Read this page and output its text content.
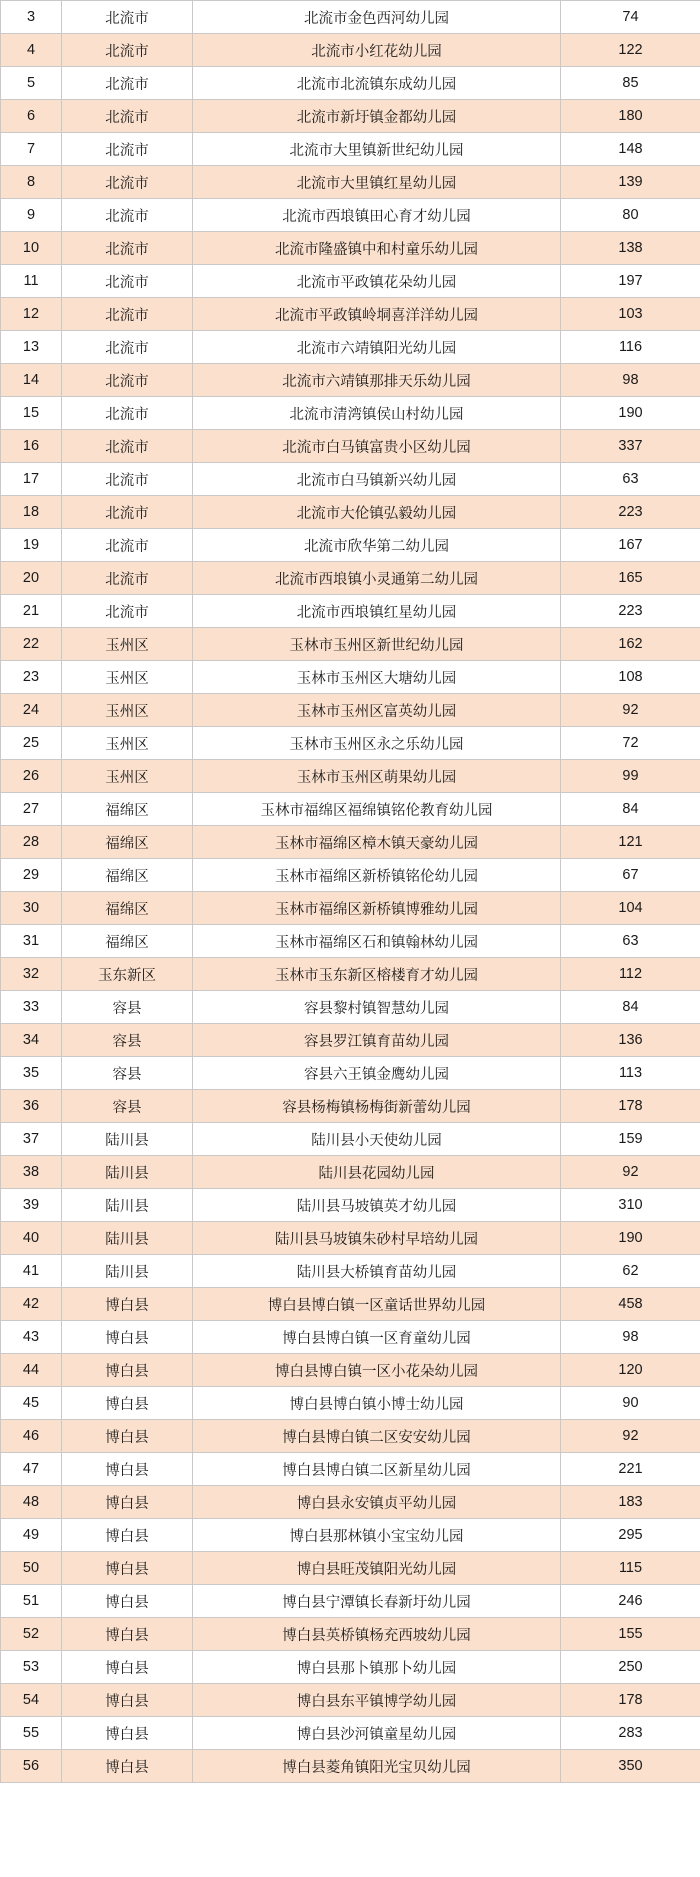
3	北流市	北流市金色西河幼儿园	74
4	北流市	北流市小红花幼儿园	122
5	北流市	北流市北流镇东成幼儿园	85
6	北流市	北流市新圩镇金都幼儿园	180
7	北流市	北流市大里镇新世纪幼儿园	148
8	北流市	北流市大里镇红星幼儿园	139
9	北流市	北流市西埌镇田心育才幼儿园	80
10	北流市	北流市隆盛镇中和村童乐幼儿园	138
11	北流市	北流市平政镇花朵幼儿园	197
12	北流市	北流市平政镇岭垌喜洋洋幼儿园	103
13	北流市	北流市六靖镇阳光幼儿园	116
14	北流市	北流市六靖镇那排天乐幼儿园	98
15	北流市	北流市清湾镇侯山村幼儿园	190
16	北流市	北流市白马镇富贵小区幼儿园	337
17	北流市	北流市白马镇新兴幼儿园	63
18	北流市	北流市大伦镇弘毅幼儿园	223
19	北流市	北流市欣华第二幼儿园	167
20	北流市	北流市西埌镇小灵通第二幼儿园	165
21	北流市	北流市西埌镇红星幼儿园	223
22	玉州区	玉林市玉州区新世纪幼儿园	162
23	玉州区	玉林市玉州区大塘幼儿园	108
24	玉州区	玉林市玉州区富英幼儿园	92
25	玉州区	玉林市玉州区永之乐幼儿园	72
26	玉州区	玉林市玉州区萌果幼儿园	99
27	福绵区	玉林市福绵区福绵镇铭伦教育幼儿园	84
28	福绵区	玉林市福绵区樟木镇天豪幼儿园	121
29	福绵区	玉林市福绵区新桥镇铭伦幼儿园	67
30	福绵区	玉林市福绵区新桥镇博雅幼儿园	104
31	福绵区	玉林市福绵区石和镇翰林幼儿园	63
32	玉东新区	玉林市玉东新区榕楼育才幼儿园	112
33	容县	容县黎村镇智慧幼儿园	84
34	容县	容县罗江镇育苗幼儿园	136
35	容县	容县六王镇金鹰幼儿园	113
36	容县	容县杨梅镇杨梅街新蕾幼儿园	178
37	陆川县	陆川县小天使幼儿园	159
38	陆川县	陆川县花园幼儿园	92
39	陆川县	陆川县马坡镇英才幼儿园	310
40	陆川县	陆川县马坡镇朱砂村早培幼儿园	190
41	陆川县	陆川县大桥镇育苗幼儿园	62
42	博白县	博白县博白镇一区童话世界幼儿园	458
43	博白县	博白县博白镇一区育童幼儿园	98
44	博白县	博白县博白镇一区小花朵幼儿园	120
45	博白县	博白县博白镇小博士幼儿园	90
46	博白县	博白县博白镇二区安安幼儿园	92
47	博白县	博白县博白镇二区新星幼儿园	221
48	博白县	博白县永安镇贞平幼儿园	183
49	博白县	博白县那林镇小宝宝幼儿园	295
50	博白县	博白县旺茂镇阳光幼儿园	115
51	博白县	博白县宁潭镇长春新圩幼儿园	246
52	博白县	博白县英桥镇杨充西坡幼儿园	155
53	博白县	博白县那卜镇那卜幼儿园	250
54	博白县	博白县东平镇博学幼儿园	178
55	博白县	博白县沙河镇童星幼儿园	283
56	博白县	博白县菱角镇阳光宝贝幼儿园	350
